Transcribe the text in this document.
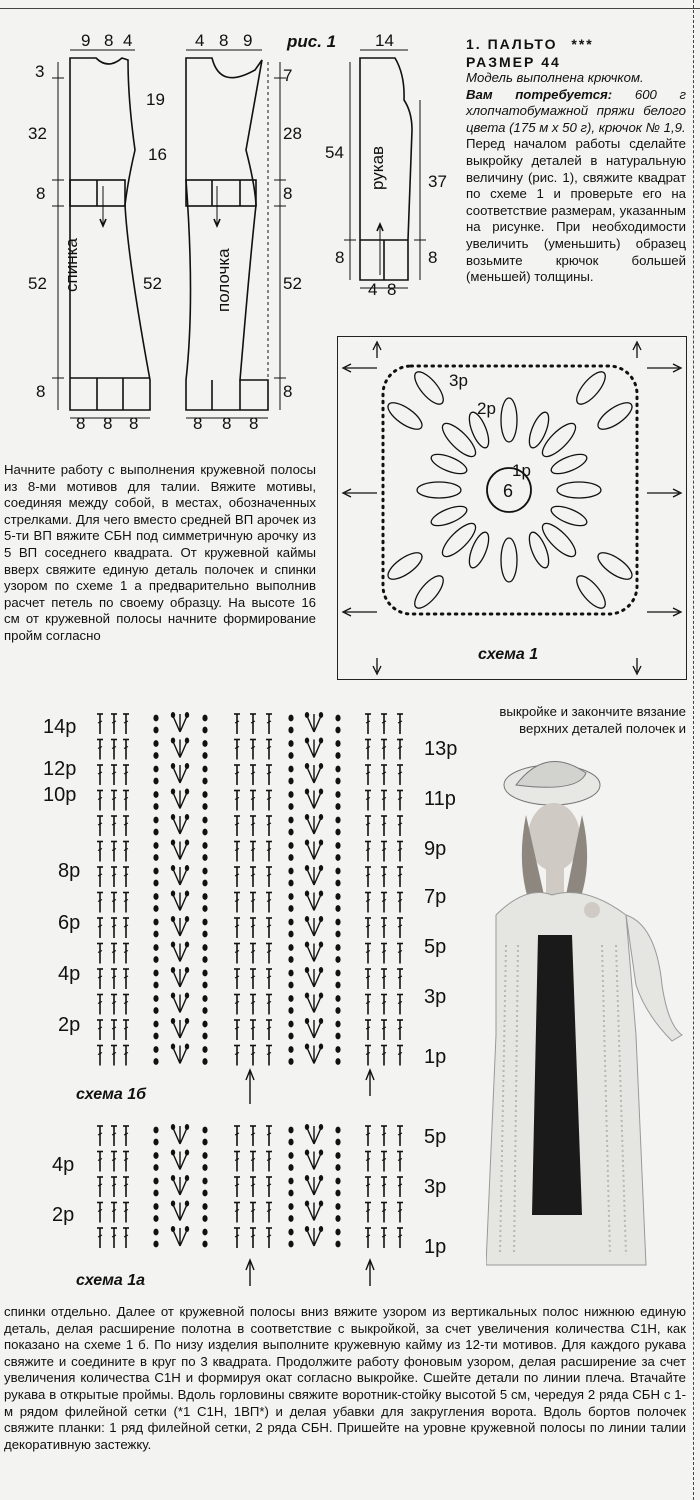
рис. 1
9 8 4	4 8 9	14
3
32
8
52
8
19
16
52
7
28
8
52
8
54
8
37
8
4 8
8 8 8	8 8 8
спинка	полочка
рукав
1. ПАЛЬТО ***
РАЗМЕР 44
Модель выполнена крючком.
Вам потребуется: 600 г хлопчатобумажной пряжи белого цвета (175 м х 50 г), крючок № 1,9.
Перед началом работы сделайте выкройку деталей в натуральную величину (рис. 1), свяжите квадрат по схеме 1 и проверьте его на соответствие размерам, указанным на рисунке. При необходимости увеличить (уменьшить) образец возьмите крючок большей (меньшей) толщины.
3р
2р
1р
6
схема 1
Начните работу с выполнения кружевной полосы из 8-ми мотивов для талии. Вяжите мотивы, соединяя между собой, в местах, обозначенных стрелками. Для чего вместо средней ВП арочек из 5-ти ВП вяжите СБН под симметричную арочку из 5 ВП соседнего квадрата. От кружевной каймы вверх свяжите единую деталь полочек и спинки узором по схеме 1 а предварительно выполнив расчет петель по своему образцу. На высоте 16 см от кружевной полосы начните формирование пройм согласно
выкройке и закончите вязание верхних деталей полочек и
14р
12р
10р
8р
6р
4р
2р
13р
11р
9р
7р
5р
3р
1р
схема 1б
4р
2р
5р
3р
1р
схема 1а
спинки отдельно. Далее от кружевной полосы вниз вяжите узором из вертикальных полос нижнюю единую деталь, делая расширение полотна в соответствие с выкройкой, за счет увеличения количества С1Н, как показано на схеме 1 б. По низу изделия выполните кружевную кайму из 12-ти мотивов. Для каждого рукава свяжите и соедините в круг по 3 квадрата. Продолжите работу фоновым узором, делая расширение за счет увеличения количества С1Н и формируя окат согласно выкройке. Сшейте детали по линии плеча. Втачайте рукава в открытые проймы. Вдоль горловины свяжите воротник-стойку высотой 5 см, чередуя 2 ряда СБН с 1-м рядом филейной сетки (*1 С1Н, 1ВП*) и делая убавки для закругления ворота. Вдоль бортов полочек свяжите планки: 1 ряд филейной сетки, 2 ряда СБН. Пришейте на уровне кружевной полосы по линии талии декоративную застежку.
